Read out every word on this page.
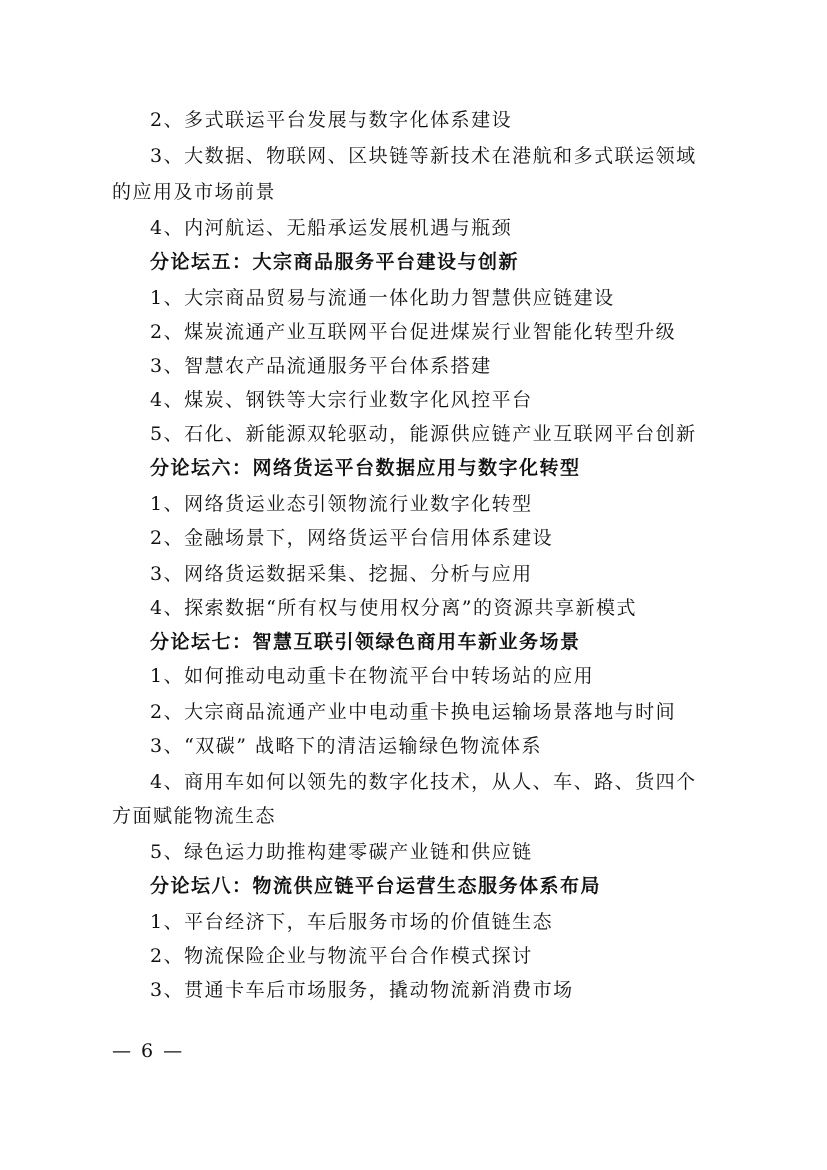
2、多式联运平台发展与数字化体系建设
3、大数据、物联网、区块链等新技术在港航和多式联运领域
的应用及市场前景
4、内河航运、无船承运发展机遇与瓶颈
分论坛五：大宗商品服务平台建设与创新
1、大宗商品贸易与流通一体化助力智慧供应链建设
2、煤炭流通产业互联网平台促进煤炭行业智能化转型升级
3、智慧农产品流通服务平台体系搭建
4、煤炭、钢铁等大宗行业数字化风控平台
5、石化、新能源双轮驱动，能源供应链产业互联网平台创新
分论坛六：网络货运平台数据应用与数字化转型
1、网络货运业态引领物流行业数字化转型
2、金融场景下，网络货运平台信用体系建设
3、网络货运数据采集、挖掘、分析与应用
4、探索数据“所有权与使用权分离”的资源共享新模式
分论坛七：智慧互联引领绿色商用车新业务场景
1、如何推动电动重卡在物流平台中转场站的应用
2、大宗商品流通产业中电动重卡换电运输场景落地与时间
3、“双碳” 战略下的清洁运输绿色物流体系
4、商用车如何以领先的数字化技术，从人、车、路、货四个
方面赋能物流生态
5、绿色运力助推构建零碳产业链和供应链
分论坛八：物流供应链平台运营生态服务体系布局
1、平台经济下，车后服务市场的价值链生态
2、物流保险企业与物流平台合作模式探讨
3、贯通卡车后市场服务，撬动物流新消费市场
— 6 —
